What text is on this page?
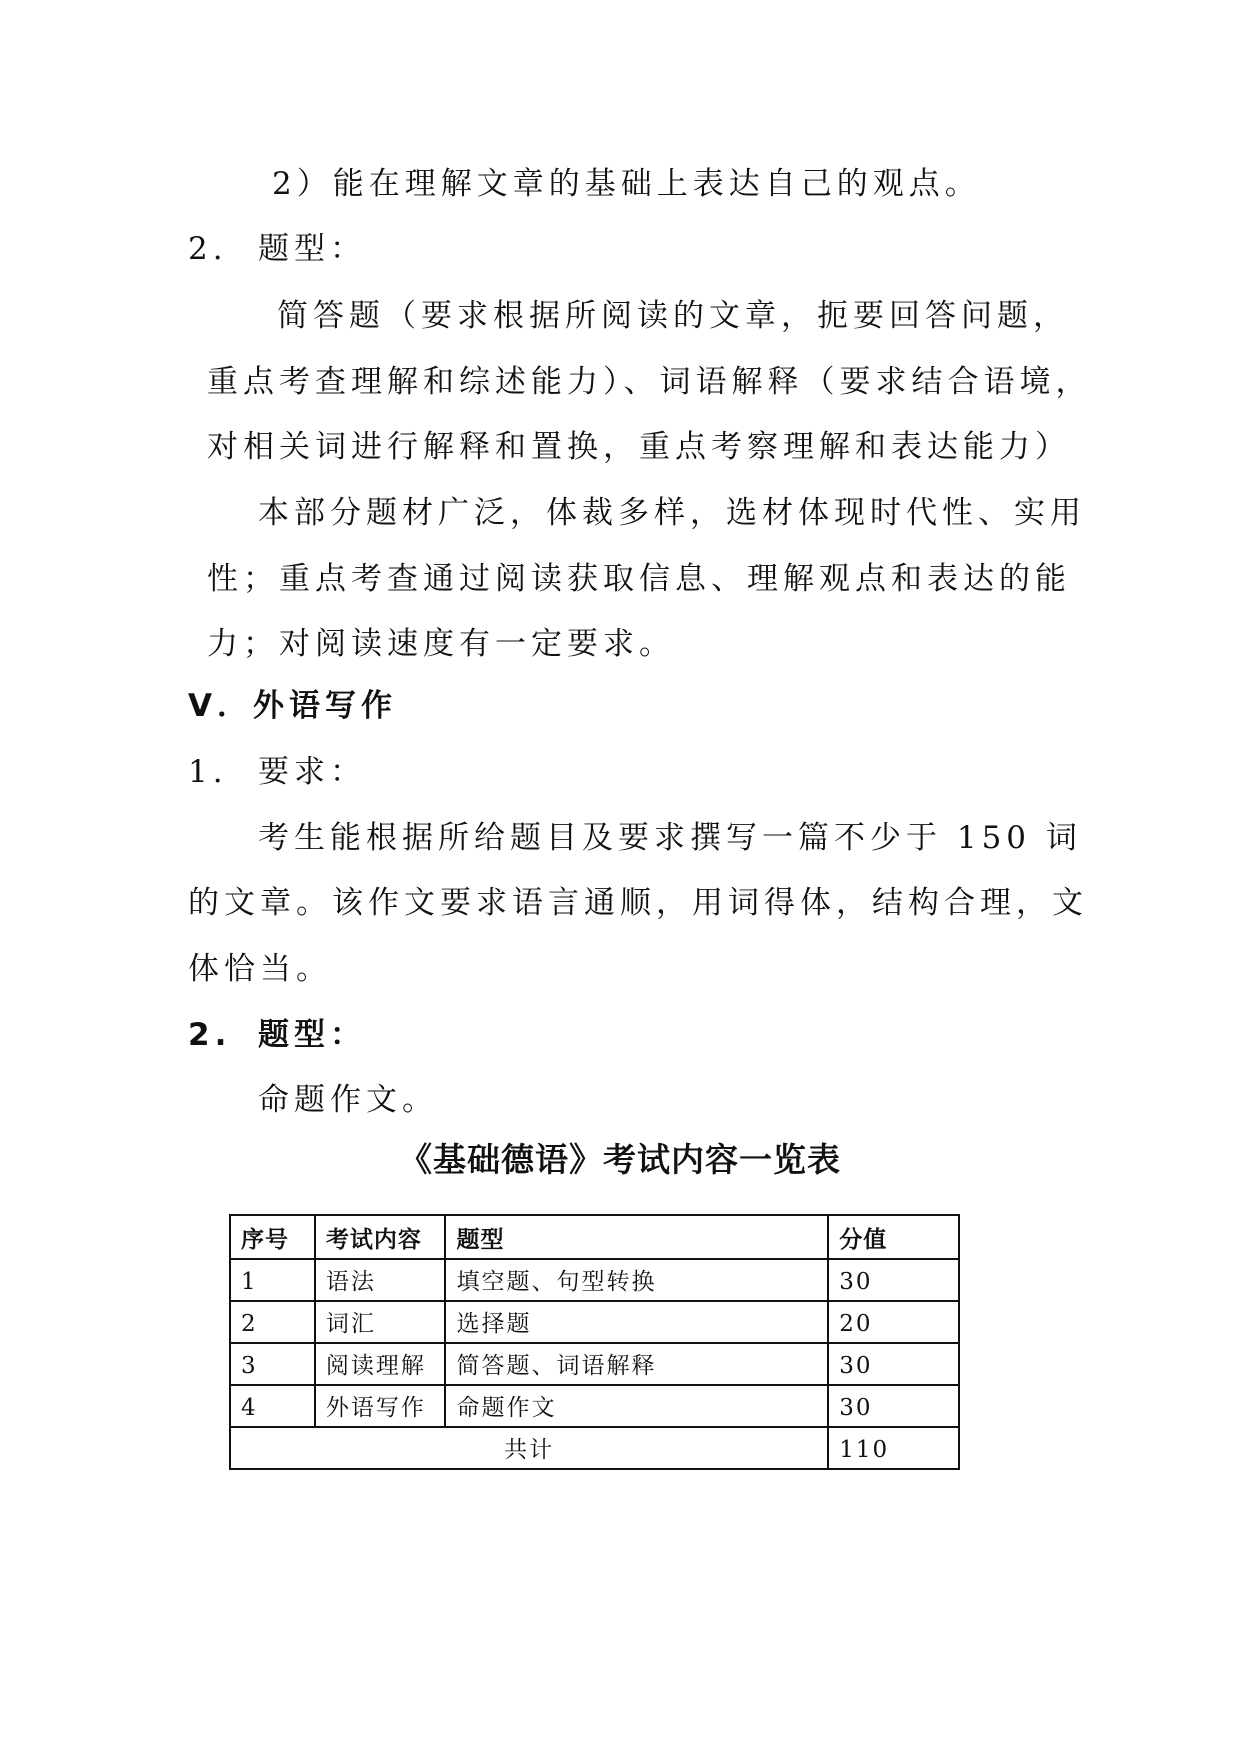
2）能在理解文章的基础上表达自己的观点。
2. 题型：
简答题（要求根据所阅读的文章，扼要回答问题，
重点考查理解和综述能力）、词语解释（要求结合语境，
对相关词进行解释和置换，重点考察理解和表达能力）
本部分题材广泛，体裁多样，选材体现时代性、实用
性；重点考查通过阅读获取信息、理解观点和表达的能
力；对阅读速度有一定要求。
V．外语写作
1. 要求：
考生能根据所给题目及要求撰写一篇不少于 150 词
的文章。该作文要求语言通顺，用词得体，结构合理，文
体恰当。
2. 题型：
命题作文。
《基础德语》考试内容一览表
序号	考试内容	题型	分值
1	语法	填空题、句型转换	30
2	词汇	选择题	20
3	阅读理解	简答题、词语解释	30
4	外语写作	命题作文	30
共计			110
